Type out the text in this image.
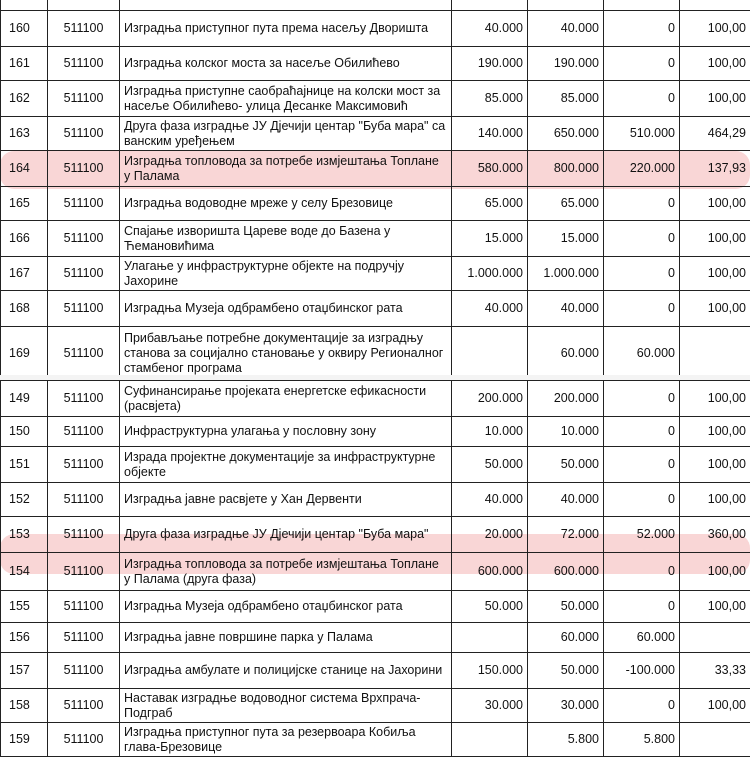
160	511100	Изградња приступног пута према насељу Дворишта	40.000	40.000	0	100,00
161	511100	Изградња колског моста за насеље Обилићево	190.000	190.000	0	100,00
162	511100	Изградња приступне саобраћајнице на колски мост за насеље Обилићево- улица Десанке Максимовић	85.000	85.000	0	100,00
163	511100	Друга фаза изградње ЈУ Дјечији центар "Буба мара" са ванским уређењем	140.000	650.000	510.000	464,29
164	511100	Изградња топловода за потребе измјештања Топлане у Палама	580.000	800.000	220.000	137,93
165	511100	Изградња водоводне мреже у селу Брезовице	65.000	65.000	0	100,00
166	511100	Спајање изворишта Цареве воде до Базена у Ћемановићима	15.000	15.000	0	100,00
167	511100	Улагање у инфраструктурне објекте на подручју Јахорине	1.000.000	1.000.000	0	100,00
168	511100	Изградња Музеја одбрамбено отаџбинског рата	40.000	40.000	0	100,00
169	511100	Прибављање потребне документације за изградњу станова за социјално становање у оквиру Регионалног стамбеног програма		60.000	60.000	
149	511100	Суфинансирање пројеката енергетске ефикасности (расвјета)	200.000	200.000	0	100,00
150	511100	Инфраструктурна улагања у пословну зону	10.000	10.000	0	100,00
151	511100	Израда пројектне документације за инфраструктурне објекте	50.000	50.000	0	100,00
152	511100	Изградња јавне расвјете у Хан Дервенти	40.000	40.000	0	100,00
153	511100	Друга фаза изградње ЈУ Дјечији центар "Буба мара"	20.000	72.000	52.000	360,00
154	511100	Изградња топловода за потребе измјештања Топлане у Палама (друга фаза)	600.000	600.000	0	100,00
155	511100	Изградња Музеја одбрамбено отаџбинског рата	50.000	50.000	0	100,00
156	511100	Изградња јавне површине парка у Палама		60.000	60.000	
157	511100	Изградња амбулате и полицијске станице на Јахорини	150.000	50.000	-100.000	33,33
158	511100	Наставак изградње водоводног система Врхпрача-Подграб	30.000	30.000	0	100,00
159	511100	Изградња приступног пута за резервоара Кобиља глава-Брезовице		5.800	5.800	
